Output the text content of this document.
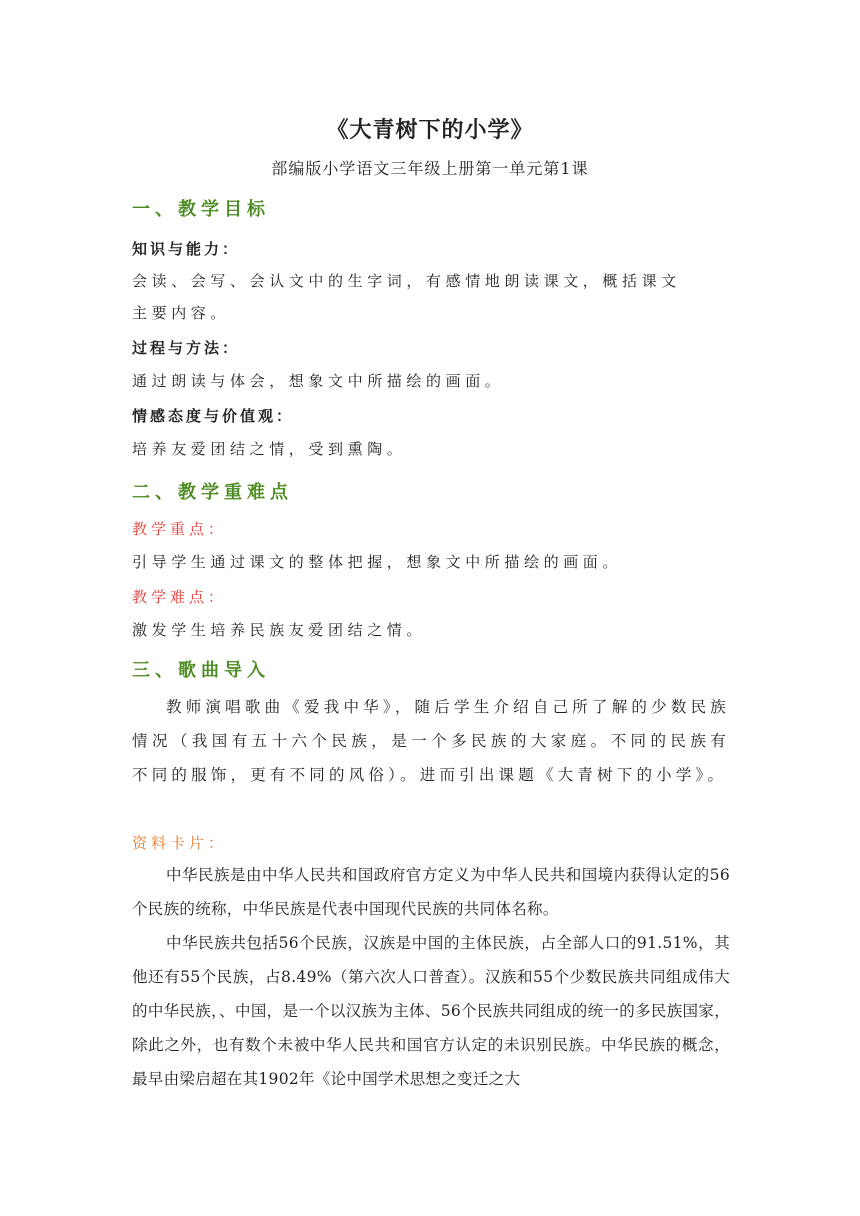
《大青树下的小学》
部编版小学语文三年级上册第一单元第1课
一、教学目标
知识与能力：
会读、会写、会认文中的生字词，有感情地朗读课文，概括课文
主要内容。
过程与方法：
通过朗读与体会，想象文中所描绘的画面。
情感态度与价值观：
培养友爱团结之情，受到熏陶。
二、教学重难点
教学重点：
引导学生通过课文的整体把握，想象文中所描绘的画面。
教学难点：
激发学生培养民族友爱团结之情。
三、歌曲导入
教师演唱歌曲《爱我中华》，随后学生介绍自己所了解的少数民族情况（我国有五十六个民族，是一个多民族的大家庭。不同的民族有不同的服饰，更有不同的风俗）。进而引出课题《大青树下的小学》。
资料卡片：
中华民族是由中华人民共和国政府官方定义为中华人民共和国境内获得认定的56个民族的统称，中华民族是代表中国现代民族的共同体名称。
中华民族共包括56个民族，汉族是中国的主体民族，占全部人口的91.51%，其他还有55个民族，占8.49%（第六次人口普查）。汉族和55个少数民族共同组成伟大的中华民族，、中国，是一个以汉族为主体、56个民族共同组成的统一的多民族国家，除此之外，也有数个未被中华人民共和国官方认定的未识别民族。中华民族的概念，最早由梁启超在其1902年《论中国学术思想之变迁之大
